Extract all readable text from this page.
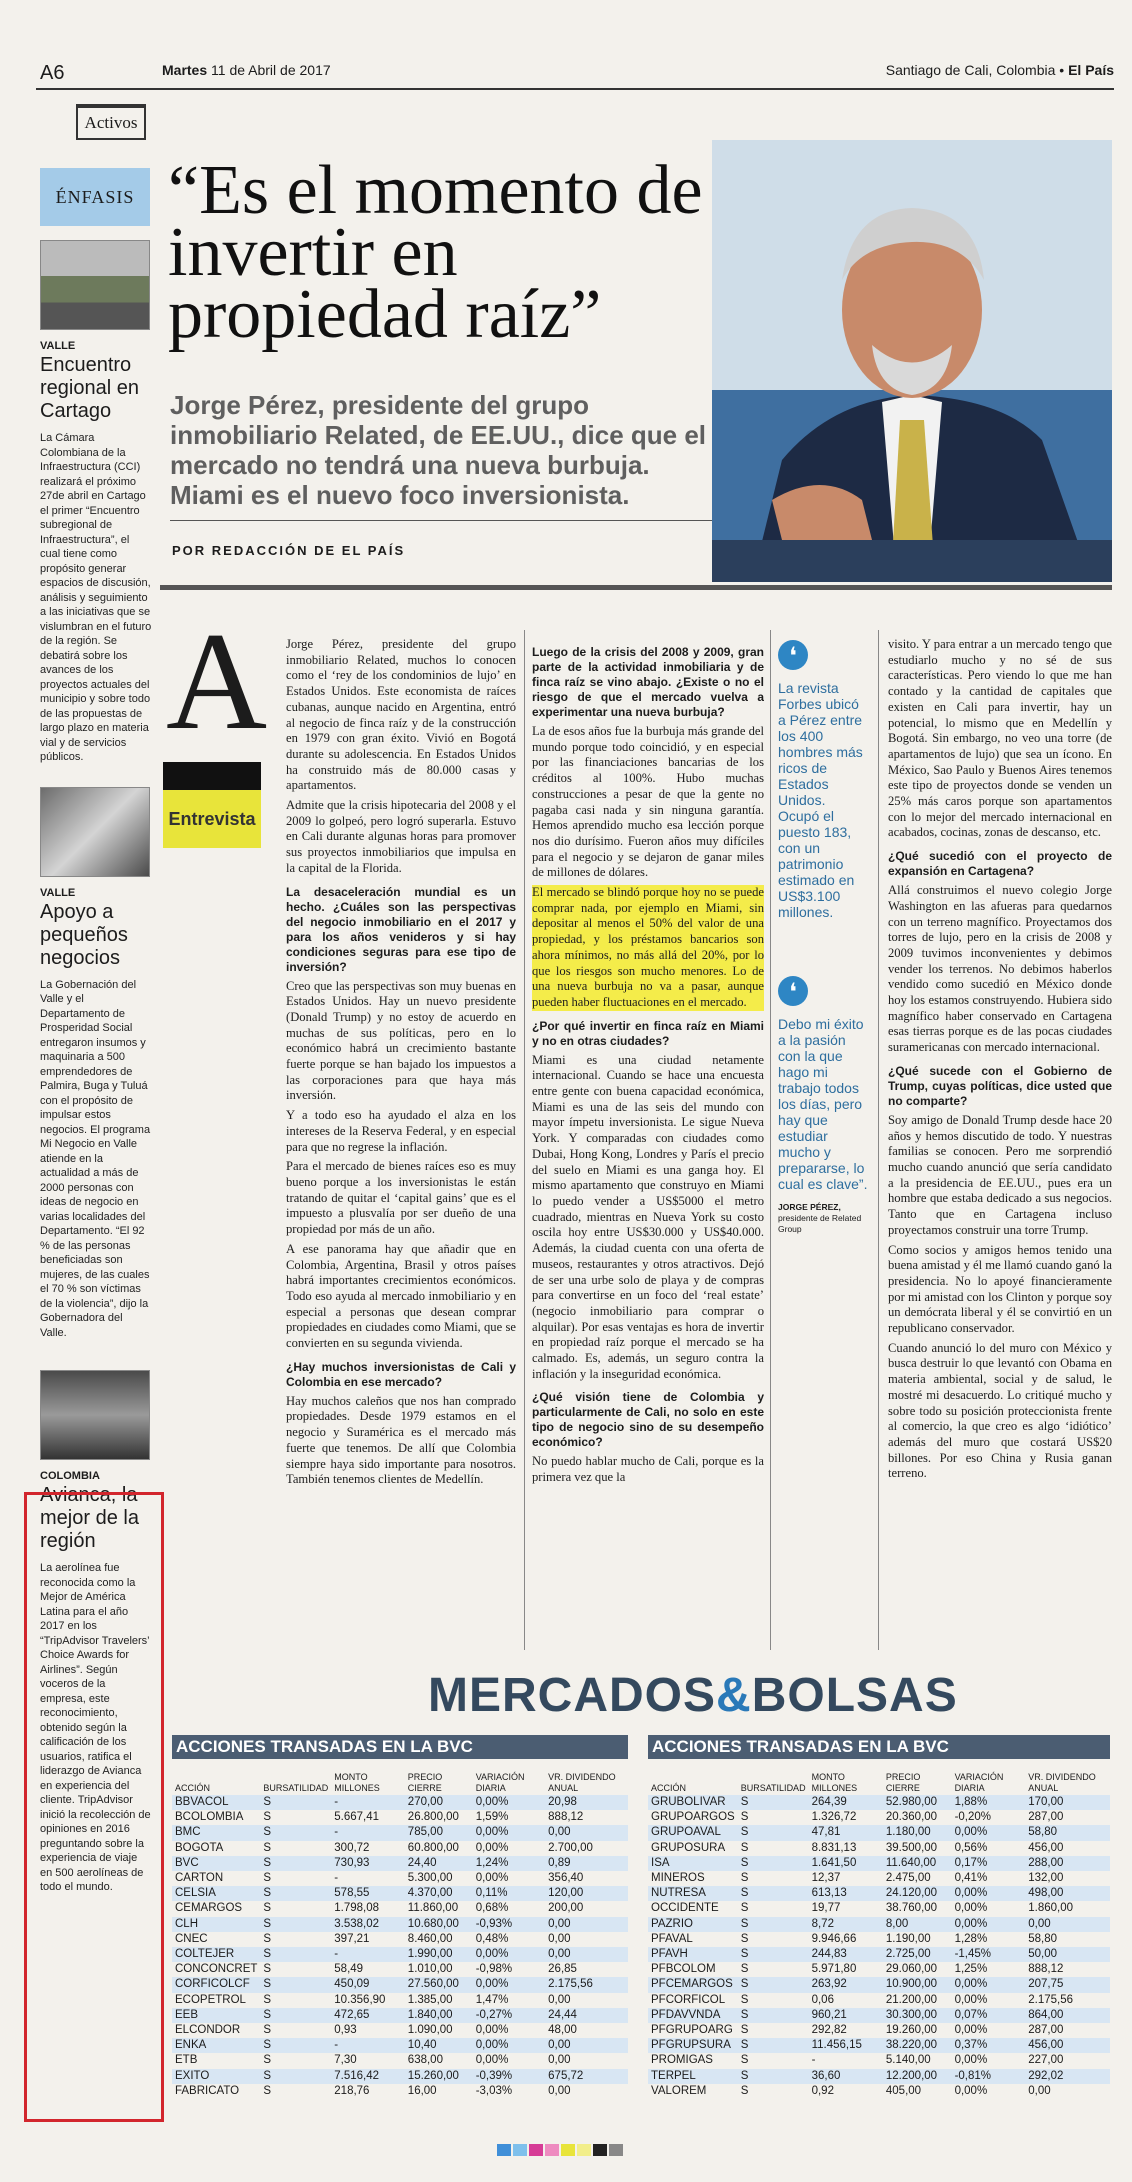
A6	Martes 11 de Abril de 2017	Santiago de Cali, Colombia • El País
Activos
ÉNFASIS
VALLE
Encuentro regional en Cartago
La Cámara Colombiana de la Infraestructura (CCI) realizará el próximo 27de abril en Cartago el primer “Encuentro subregional de Infraestructura”, el cual tiene como propósito generar espacios de discusión, análisis y seguimiento a las iniciativas que se vislumbran en el futuro de la región. Se debatirá sobre los avances de los proyectos actuales del municipio y sobre todo de las propuestas de largo plazo en materia vial y de servicios públicos.
VALLE
Apoyo a pequeños negocios
La Gobernación del Valle y el Departamento de Prosperidad Social entregaron insumos y maquinaria a 500 emprendedores de Palmira, Buga y Tuluá con el propósito de impulsar estos negocios. El programa Mi Negocio en Valle atiende en la actualidad a más de 2000 personas con ideas de negocio en varias localidades del Departamento. “El 92 % de las personas beneficiadas son mujeres, de las cuales el 70 % son víctimas de la violencia”, dijo la Gobernadora del Valle.
COLOMBIA
Avianca, la mejor de la región
La aerolínea fue reconocida como la Mejor de América Latina para el año 2017 en los “TripAdvisor Travelers’ Choice Awards for Airlines”. Según voceros de la empresa, este reconocimiento, obtenido según la calificación de los usuarios, ratifica el liderazgo de Avianca en experiencia del cliente. TripAdvisor inició la recolección de opiniones en 2016 preguntando sobre la experiencia de viaje en 500 aerolíneas de todo el mundo.
“Es el momento de invertir en propiedad raíz”
Jorge Pérez, presidente del grupo inmobiliario Related, de EE.UU., dice que el mercado no tendrá una nueva burbuja. Miami es el nuevo foco inversionista.
POR REDACCIÓN DE EL PAÍS
A
Entrevista

Jorge Pérez, presidente del grupo inmobiliario Related, muchos lo conocen como el ‘rey de los condominios de lujo’ en Estados Unidos. Este economista de raíces cubanas, aunque nacido en Argentina, entró al negocio de finca raíz y de la construcción en 1979 con gran éxito. Vivió en Bogotá durante su adolescencia. En Estados Unidos ha construido más de 80.000 casas y apartamentos.

Admite que la crisis hipotecaria del 2008 y el 2009 lo golpeó, pero logró superarla. Estuvo en Cali durante algunas horas para promover sus proyectos inmobiliarios que impulsa en la capital de la Florida.

La desaceleración mundial es un hecho. ¿Cuáles son las perspectivas del negocio inmobiliario en el 2017 y para los años venideros y si hay condiciones seguras para ese tipo de inversión?

Creo que las perspectivas son muy buenas en Estados Unidos. Hay un nuevo presidente (Donald Trump) y no estoy de acuerdo en muchas de sus políticas, pero en lo económico habrá un crecimiento bastante fuerte porque se han bajado los impuestos a las corporaciones para que haya más inversión.

Y a todo eso ha ayudado el alza en los intereses de la Reserva Federal, y en especial para que no regrese la inflación.

Para el mercado de bienes raíces eso es muy bueno porque a los inversionistas le están tratando de quitar el ‘capital gains’ que es el impuesto a plusvalía por ser dueño de una propiedad por más de un año.

A ese panorama hay que añadir que en Colombia, Argentina, Brasil y otros países habrá importantes crecimientos económicos. Todo eso ayuda al mercado inmobiliario y en especial a personas que desean comprar propiedades en ciudades como Miami, que se convierten en su segunda vivienda.

¿Hay muchos inversionistas de Cali y Colombia en ese mercado?

Hay muchos caleños que nos han comprado propiedades. Desde 1979 estamos en el negocio y Suramérica es el mercado más fuerte que tenemos. De allí que Colombia siempre haya sido importante para nosotros. También tenemos clientes de Medellín.

Luego de la crisis del 2008 y 2009, gran parte de la actividad inmobiliaria y de finca raíz se vino abajo. ¿Existe o no el riesgo de que el mercado vuelva a experimentar una nueva burbuja?

La de esos años fue la burbuja más grande del mundo porque todo coincidió, y en especial por las financiaciones bancarias de los créditos al 100%. Hubo muchas construcciones a pesar de que la gente no pagaba casi nada y sin ninguna garantía. Hemos aprendido mucho esa lección porque nos dio durísimo. Fueron años muy difíciles para el negocio y se dejaron de ganar miles de millones de dólares.

El mercado se blindó porque hoy no se puede comprar nada, por ejemplo en Miami, sin depositar al menos el 50% del valor de una propiedad, y los préstamos bancarios son ahora mínimos, no más allá del 20%, por lo que los riesgos son mucho menores. Lo de una nueva burbuja no va a pasar, aunque pueden haber fluctuaciones en el mercado.

¿Por qué invertir en finca raíz en Miami y no en otras ciudades?

Miami es una ciudad netamente internacional. Cuando se hace una encuesta entre gente con buena capacidad económica, Miami es una de las seis del mundo con mayor ímpetu inversionista. Le sigue Nueva York. Y comparadas con ciudades como Dubai, Hong Kong, Londres y París el precio del suelo en Miami es una ganga hoy. El mismo apartamento que construyo en Miami lo puedo vender a US$5000 el metro cuadrado, mientras en Nueva York su costo oscila hoy entre US$30.000 y US$40.000. Además, la ciudad cuenta con una oferta de museos, restaurantes y otros atractivos. Dejó de ser una urbe solo de playa y de compras para convertirse en un foco del ‘real estate’ (negocio inmobiliario para comprar o alquilar). Por esas ventajas es hora de invertir en propiedad raíz porque el mercado se ha calmado. Es, además, un seguro contra la inflación y la inseguridad económica.

¿Qué visión tiene de Colombia y particularmente de Cali, no solo en este tipo de negocio sino de su desempeño económico?

No puedo hablar mucho de Cali, porque es la primera vez que la

❛
La revista Forbes ubicó a Pérez entre los 400 hombres más ricos de Estados Unidos. Ocupó el puesto 183, con un patrimonio estimado en US$3.100 millones.
❛
Debo mi éxito a la pasión con la que hago mi trabajo todos los días, pero hay que estudiar mucho y prepararse, lo cual es clave”.
JORGE PÉREZ, presidente de Related Group

visito. Y para entrar a un mercado tengo que estudiarlo mucho y no sé de sus características. Pero viendo lo que me han contado y la cantidad de capitales que existen en Cali para invertir, hay un potencial, lo mismo que en Medellín y Bogotá. Sin embargo, no veo una torre (de apartamentos de lujo) que sea un ícono. En México, Sao Paulo y Buenos Aires tenemos este tipo de proyectos donde se venden un 25% más caros porque son apartamentos con lo mejor del mercado internacional en acabados, cocinas, zonas de descanso, etc.

¿Qué sucedió con el proyecto de expansión en Cartagena?

Allá construimos el nuevo colegio Jorge Washington en las afueras para quedarnos con un terreno magnífico. Proyectamos dos torres de lujo, pero en la crisis de 2008 y 2009 tuvimos inconvenientes y debimos vender los terrenos. No debimos haberlos vendido como sucedió en México donde hoy los estamos construyendo. Hubiera sido magnífico haber conservado en Cartagena esas tierras porque es de las pocas ciudades suramericanas con mercado internacional.

¿Qué sucede con el Gobierno de Trump, cuyas políticas, dice usted que no comparte?

Soy amigo de Donald Trump desde hace 20 años y hemos discutido de todo. Y nuestras familias se conocen. Pero me sorprendió mucho cuando anunció que sería candidato a la presidencia de EE.UU., pues era un hombre que estaba dedicado a sus negocios. Tanto que en Cartagena incluso proyectamos construir una torre Trump.

Como socios y amigos hemos tenido una buena amistad y él me llamó cuando ganó la presidencia. No lo apoyé financieramente por mi amistad con los Clinton y porque soy un demócrata liberal y él se convirtió en un republicano conservador.

Cuando anunció lo del muro con México y busca destruir lo que levantó con Obama en materia ambiental, social y de salud, le mostré mi desacuerdo. Lo critiqué mucho y sobre todo su posición proteccionista frente al comercio, la que creo es algo ‘idiótico’ además del muro que costará US$20 billones. Por eso China y Rusia ganan terreno.

MERCADOS&BOLSAS
ACCIONES TRANSADAS EN LA BVC
ACCIÓN	BURSATILIDAD	MONTO MILLONES	PRECIO CIERRE	VARIACIÓN DIARIA	VR. DIVIDENDO ANUAL
BBVACOL	S	-	270,00	0,00%	20,98
BCOLOMBIA	S	5.667,41	26.800,00	1,59%	888,12
BMC	S	-	785,00	0,00%	0,00
BOGOTA	S	300,72	60.800,00	0,00%	2.700,00
BVC	S	730,93	24,40	1,24%	0,89
CARTON	S	-	5.300,00	0,00%	356,40
CELSIA	S	578,55	4.370,00	0,11%	120,00
CEMARGOS	S	1.798,08	11.860,00	0,68%	200,00
CLH	S	3.538,02	10.680,00	-0,93%	0,00
CNEC	S	397,21	8.460,00	0,48%	0,00
COLTEJER	S	-	1.990,00	0,00%	0,00
CONCONCRET	S	58,49	1.010,00	-0,98%	26,85
CORFICOLCF	S	450,09	27.560,00	0,00%	2.175,56
ECOPETROL	S	10.356,90	1.385,00	1,47%	0,00
EEB	S	472,65	1.840,00	-0,27%	24,44
ELCONDOR	S	0,93	1.090,00	0,00%	48,00
ENKA	S	-	10,40	0,00%	0,00
ETB	S	7,30	638,00	0,00%	0,00
EXITO	S	7.516,42	15.260,00	-0,39%	675,72
FABRICATO	S	218,76	16,00	-3,03%	0,00
ACCIONES TRANSADAS EN LA BVC
ACCIÓN	BURSATILIDAD	MONTO MILLONES	PRECIO CIERRE	VARIACIÓN DIARIA	VR. DIVIDENDO ANUAL
GRUBOLIVAR	S	264,39	52.980,00	1,88%	170,00
GRUPOARGOS	S	1.326,72	20.360,00	-0,20%	287,00
GRUPOAVAL	S	47,81	1.180,00	0,00%	58,80
GRUPOSURA	S	8.831,13	39.500,00	0,56%	456,00
ISA	S	1.641,50	11.640,00	0,17%	288,00
MINEROS	S	12,37	2.475,00	0,41%	132,00
NUTRESA	S	613,13	24.120,00	0,00%	498,00
OCCIDENTE	S	19,77	38.760,00	0,00%	1.860,00
PAZRIO	S	8,72	8,00	0,00%	0,00
PFAVAL	S	9.946,66	1.190,00	1,28%	58,80
PFAVH	S	244,83	2.725,00	-1,45%	50,00
PFBCOLOM	S	5.971,80	29.060,00	1,25%	888,12
PFCEMARGOS	S	263,92	10.900,00	0,00%	207,75
PFCORFICOL	S	0,06	21.200,00	0,00%	2.175,56
PFDAVVNDA	S	960,21	30.300,00	0,07%	864,00
PFGRUPOARG	S	292,82	19.260,00	0,00%	287,00
PFGRUPSURA	S	11.456,15	38.220,00	0,37%	456,00
PROMIGAS	S	-	5.140,00	0,00%	227,00
TERPEL	S	36,60	12.200,00	-0,81%	292,02
VALOREM	S	0,92	405,00	0,00%	0,00
